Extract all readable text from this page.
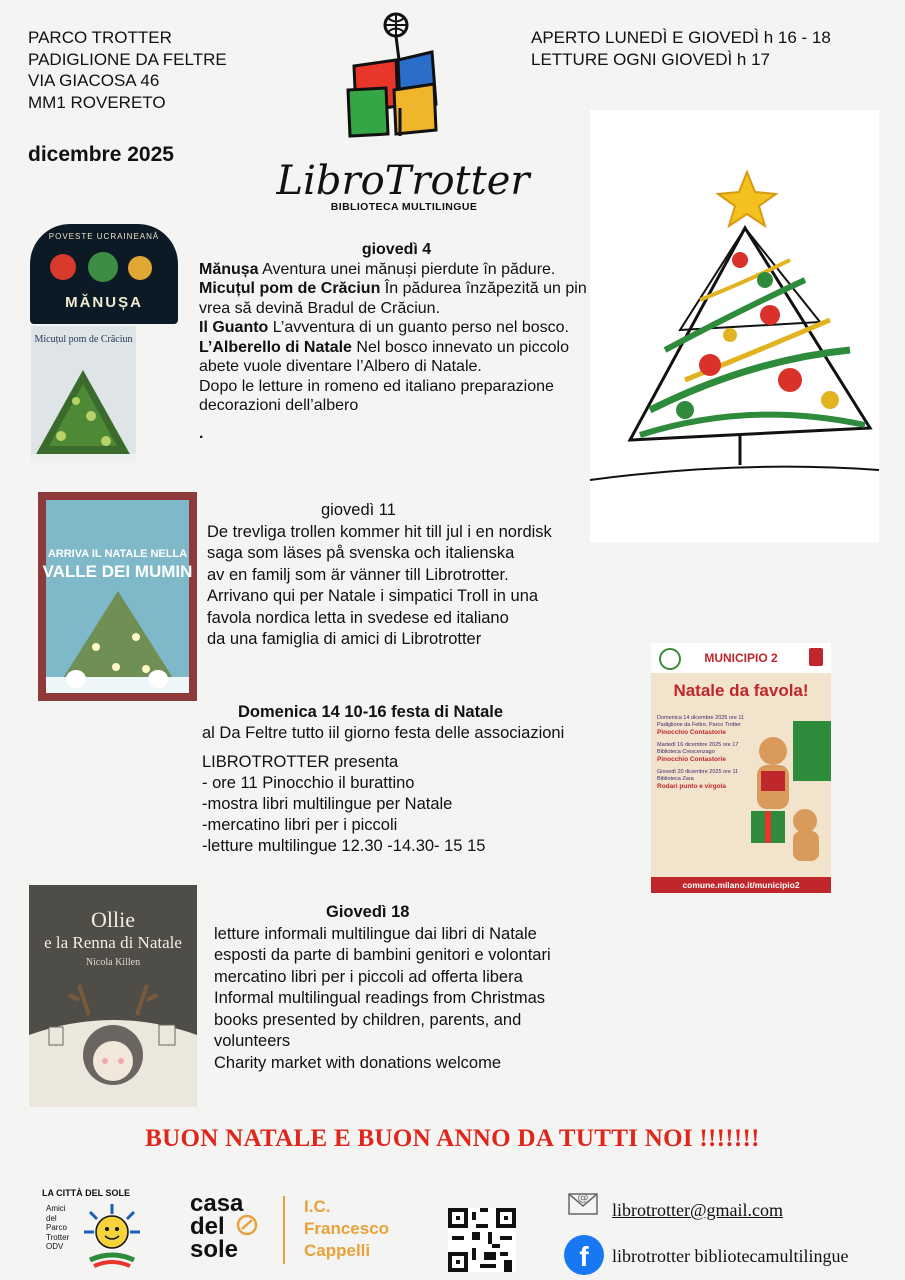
PARCO TROTTER
PADIGLIONE DA FELTRE
VIA GIACOSA 46
MM1 ROVERETO
APERTO LUNEDÌ E GIOVEDÌ h 16 - 18
LETTURE OGNI GIOVEDÌ h 17
dicembre 2025
LibroTrotter
BIBLIOTECA MULTILINGUE
POVESTE UCRAINEANĂ
MĂNUȘA
Micuțul pom de Crăciun
giovedì 4
Mănușa Aventura unei mănuși pierdute în pădure.
Micuțul pom de Crăciun În pădurea înzăpezită un pin vrea să devină Bradul de Crăciun.
Il Guanto L’avventura di un guanto perso nel bosco.
L’Alberello di Natale Nel bosco innevato un piccolo abete vuole diventare l’Albero di Natale.
Dopo le letture in romeno ed italiano preparazione decorazioni dell’albero
.
ARRIVA IL NATALE NELLA
VALLE DEI MUMIN
giovedì 11
De trevliga trollen kommer hit till jul i en nordisk
saga som läses på svenska och italienska
av en familj som är vänner till Librotrotter.
Arrivano qui per Natale i simpatici Troll in una
favola nordica letta in svedese ed italiano
da una famiglia di amici di Librotrotter
Domenica 14 10-16 festa di Natale
al Da Feltre tutto iil giorno festa delle associazioni
LIBROTROTTER presenta
- ore 11 Pinocchio il burattino
-mostra libri multilingue per Natale
-mercatino libri per i piccoli
-letture multilingue 12.30 -14.30- 15 15
MUNICIPIO 2
Natale da favola!
Domenica 14 dicembre 2025 ore 11
Padiglione da Feltre, Parco Trotter
Pinocchio Contastorie
Martedì 16 dicembre 2025 ore 17
Biblioteca Crescenzago
Pinocchio Contastorie
Giovedì 20 dicembre 2025 ore 11
Biblioteca Zara
Rodari punto e virgola
comune.milano.it/municipio2
Ollie
e la Renna di Natale
Nicola Killen
Giovedì 18
letture informali multilingue dai libri di Natale
esposti da parte di bambini genitori e volontari
mercatino libri per i piccoli ad offerta libera
Informal multilingual readings from Christmas
books presented by children, parents, and
volunteers
Charity market with donations welcome
BUON NATALE E BUON ANNO DA TUTTI NOI !!!!!!!
LA CITTÀ DEL SOLE
Amici
del
Parco
Trotter
ODV
casa
del
sole
I.C.
Francesco
Cappelli
@
librotrotter@gmail.com
f	librotrotter bibliotecamultilingue
